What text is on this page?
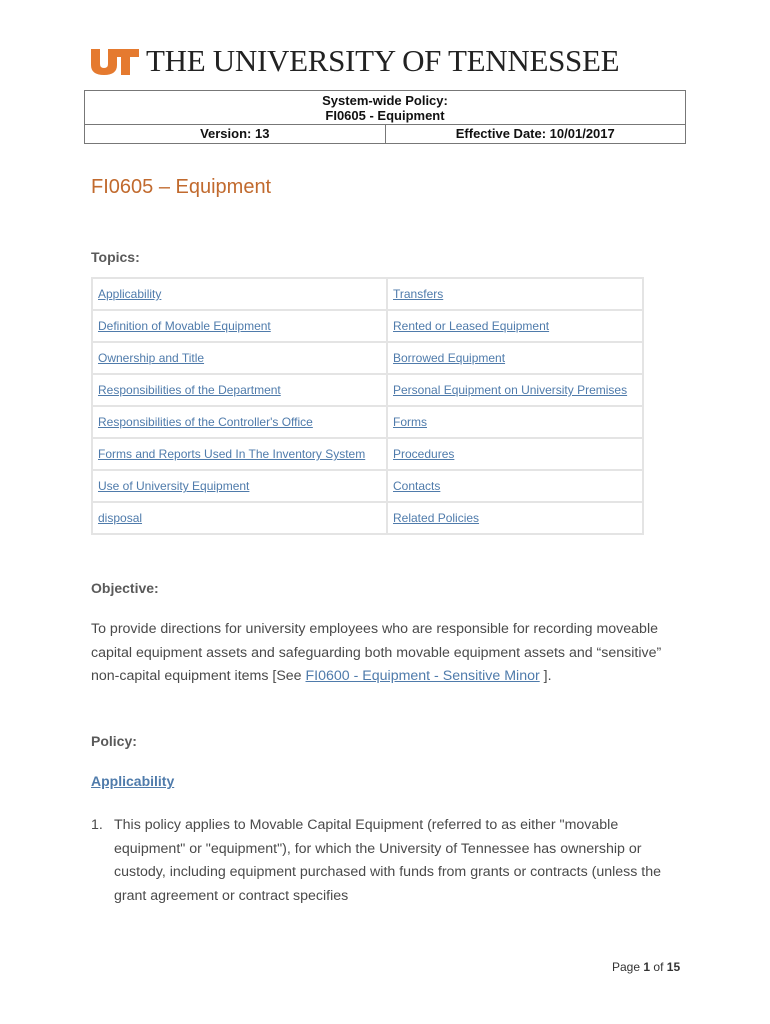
THE UNIVERSITY OF TENNESSEE
System-wide Policy:
FI0605 - Equipment
Version: 13	Effective Date: 10/01/2017
FI0605 – Equipment
Topics:
Applicability	Transfers
Definition of Movable Equipment	Rented or Leased Equipment
Ownership and Title	Borrowed Equipment
Responsibilities of the Department	Personal Equipment on University Premises
Responsibilities of the Controller's Office	Forms
Forms and Reports Used In The Inventory System	Procedures
Use of University Equipment	Contacts
disposal	Related Policies
Objective:

To provide directions for university employees who are responsible for recording moveable capital equipment assets and safeguarding both movable equipment assets and “sensitive” non-capital equipment items [See FI0600 - Equipment - Sensitive Minor ].

Policy:
Applicability
1. This policy applies to Movable Capital Equipment (referred to as either "movable equipment" or "equipment"), for which the University of Tennessee has ownership or custody, including equipment purchased with funds from grants or contracts (unless the grant agreement or contract specifies
Page 1 of 15
